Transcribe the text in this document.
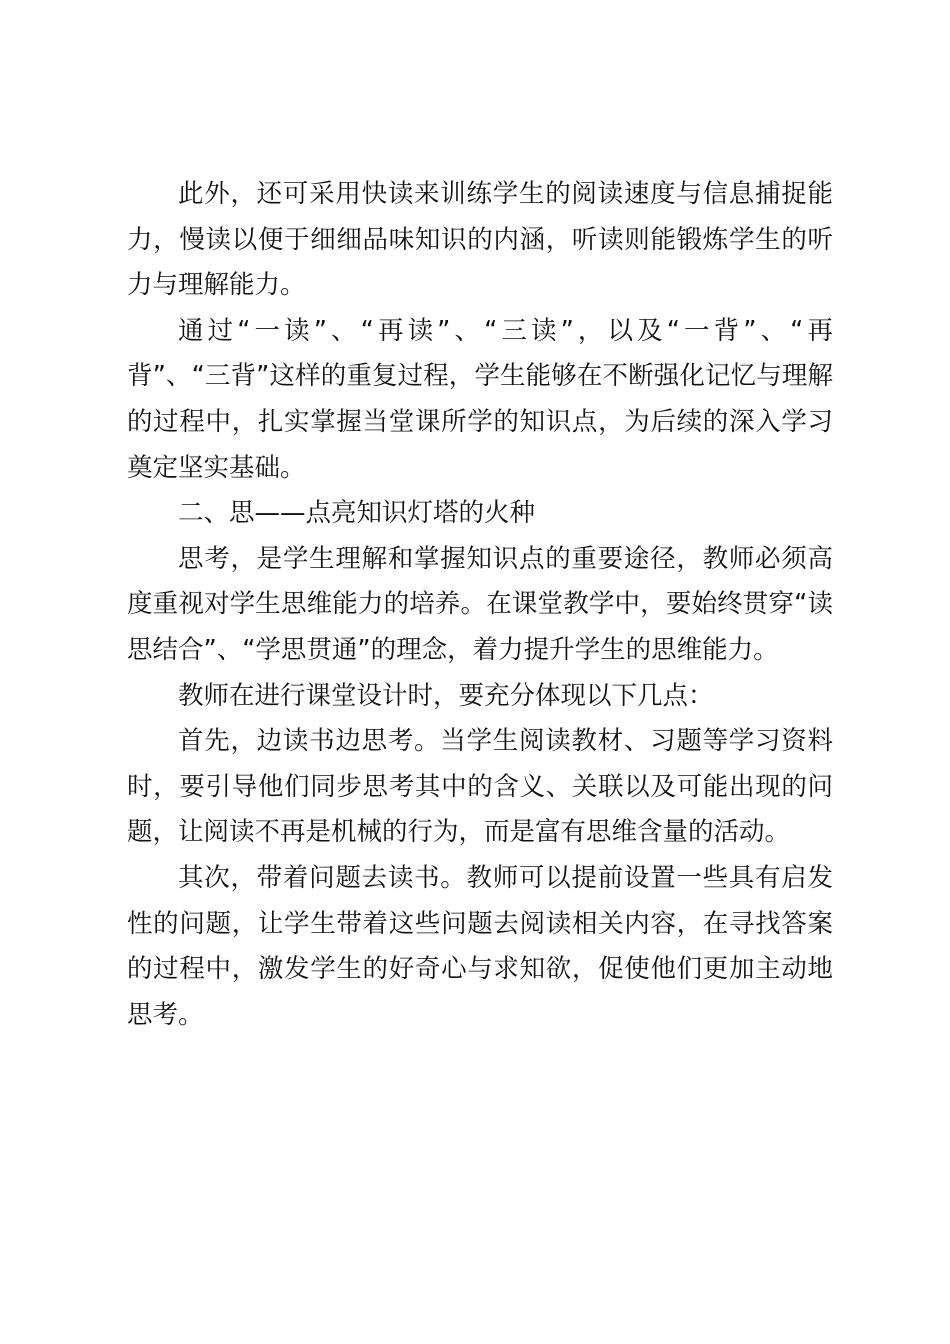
此外，还可采用快读来训练学生的阅读速度与信息捕捉能力，慢读以便于细细品味知识的内涵，听读则能锻炼学生的听力与理解能力。

通过“一读”、“再读”、“三读”，以及“一背”、“再背”、“三背”这样的重复过程，学生能够在不断强化记忆与理解的过程中，扎实掌握当堂课所学的知识点，为后续的深入学习奠定坚实基础。

二、思——点亮知识灯塔的火种

思考，是学生理解和掌握知识点的重要途径，教师必须高度重视对学生思维能力的培养。在课堂教学中，要始终贯穿“读思结合”、“学思贯通”的理念，着力提升学生的思维能力。

教师在进行课堂设计时，要充分体现以下几点：

首先，边读书边思考。当学生阅读教材、习题等学习资料时，要引导他们同步思考其中的含义、关联以及可能出现的问题，让阅读不再是机械的行为，而是富有思维含量的活动。

其次，带着问题去读书。教师可以提前设置一些具有启发性的问题，让学生带着这些问题去阅读相关内容，在寻找答案的过程中，激发学生的好奇心与求知欲，促使他们更加主动地思考。
